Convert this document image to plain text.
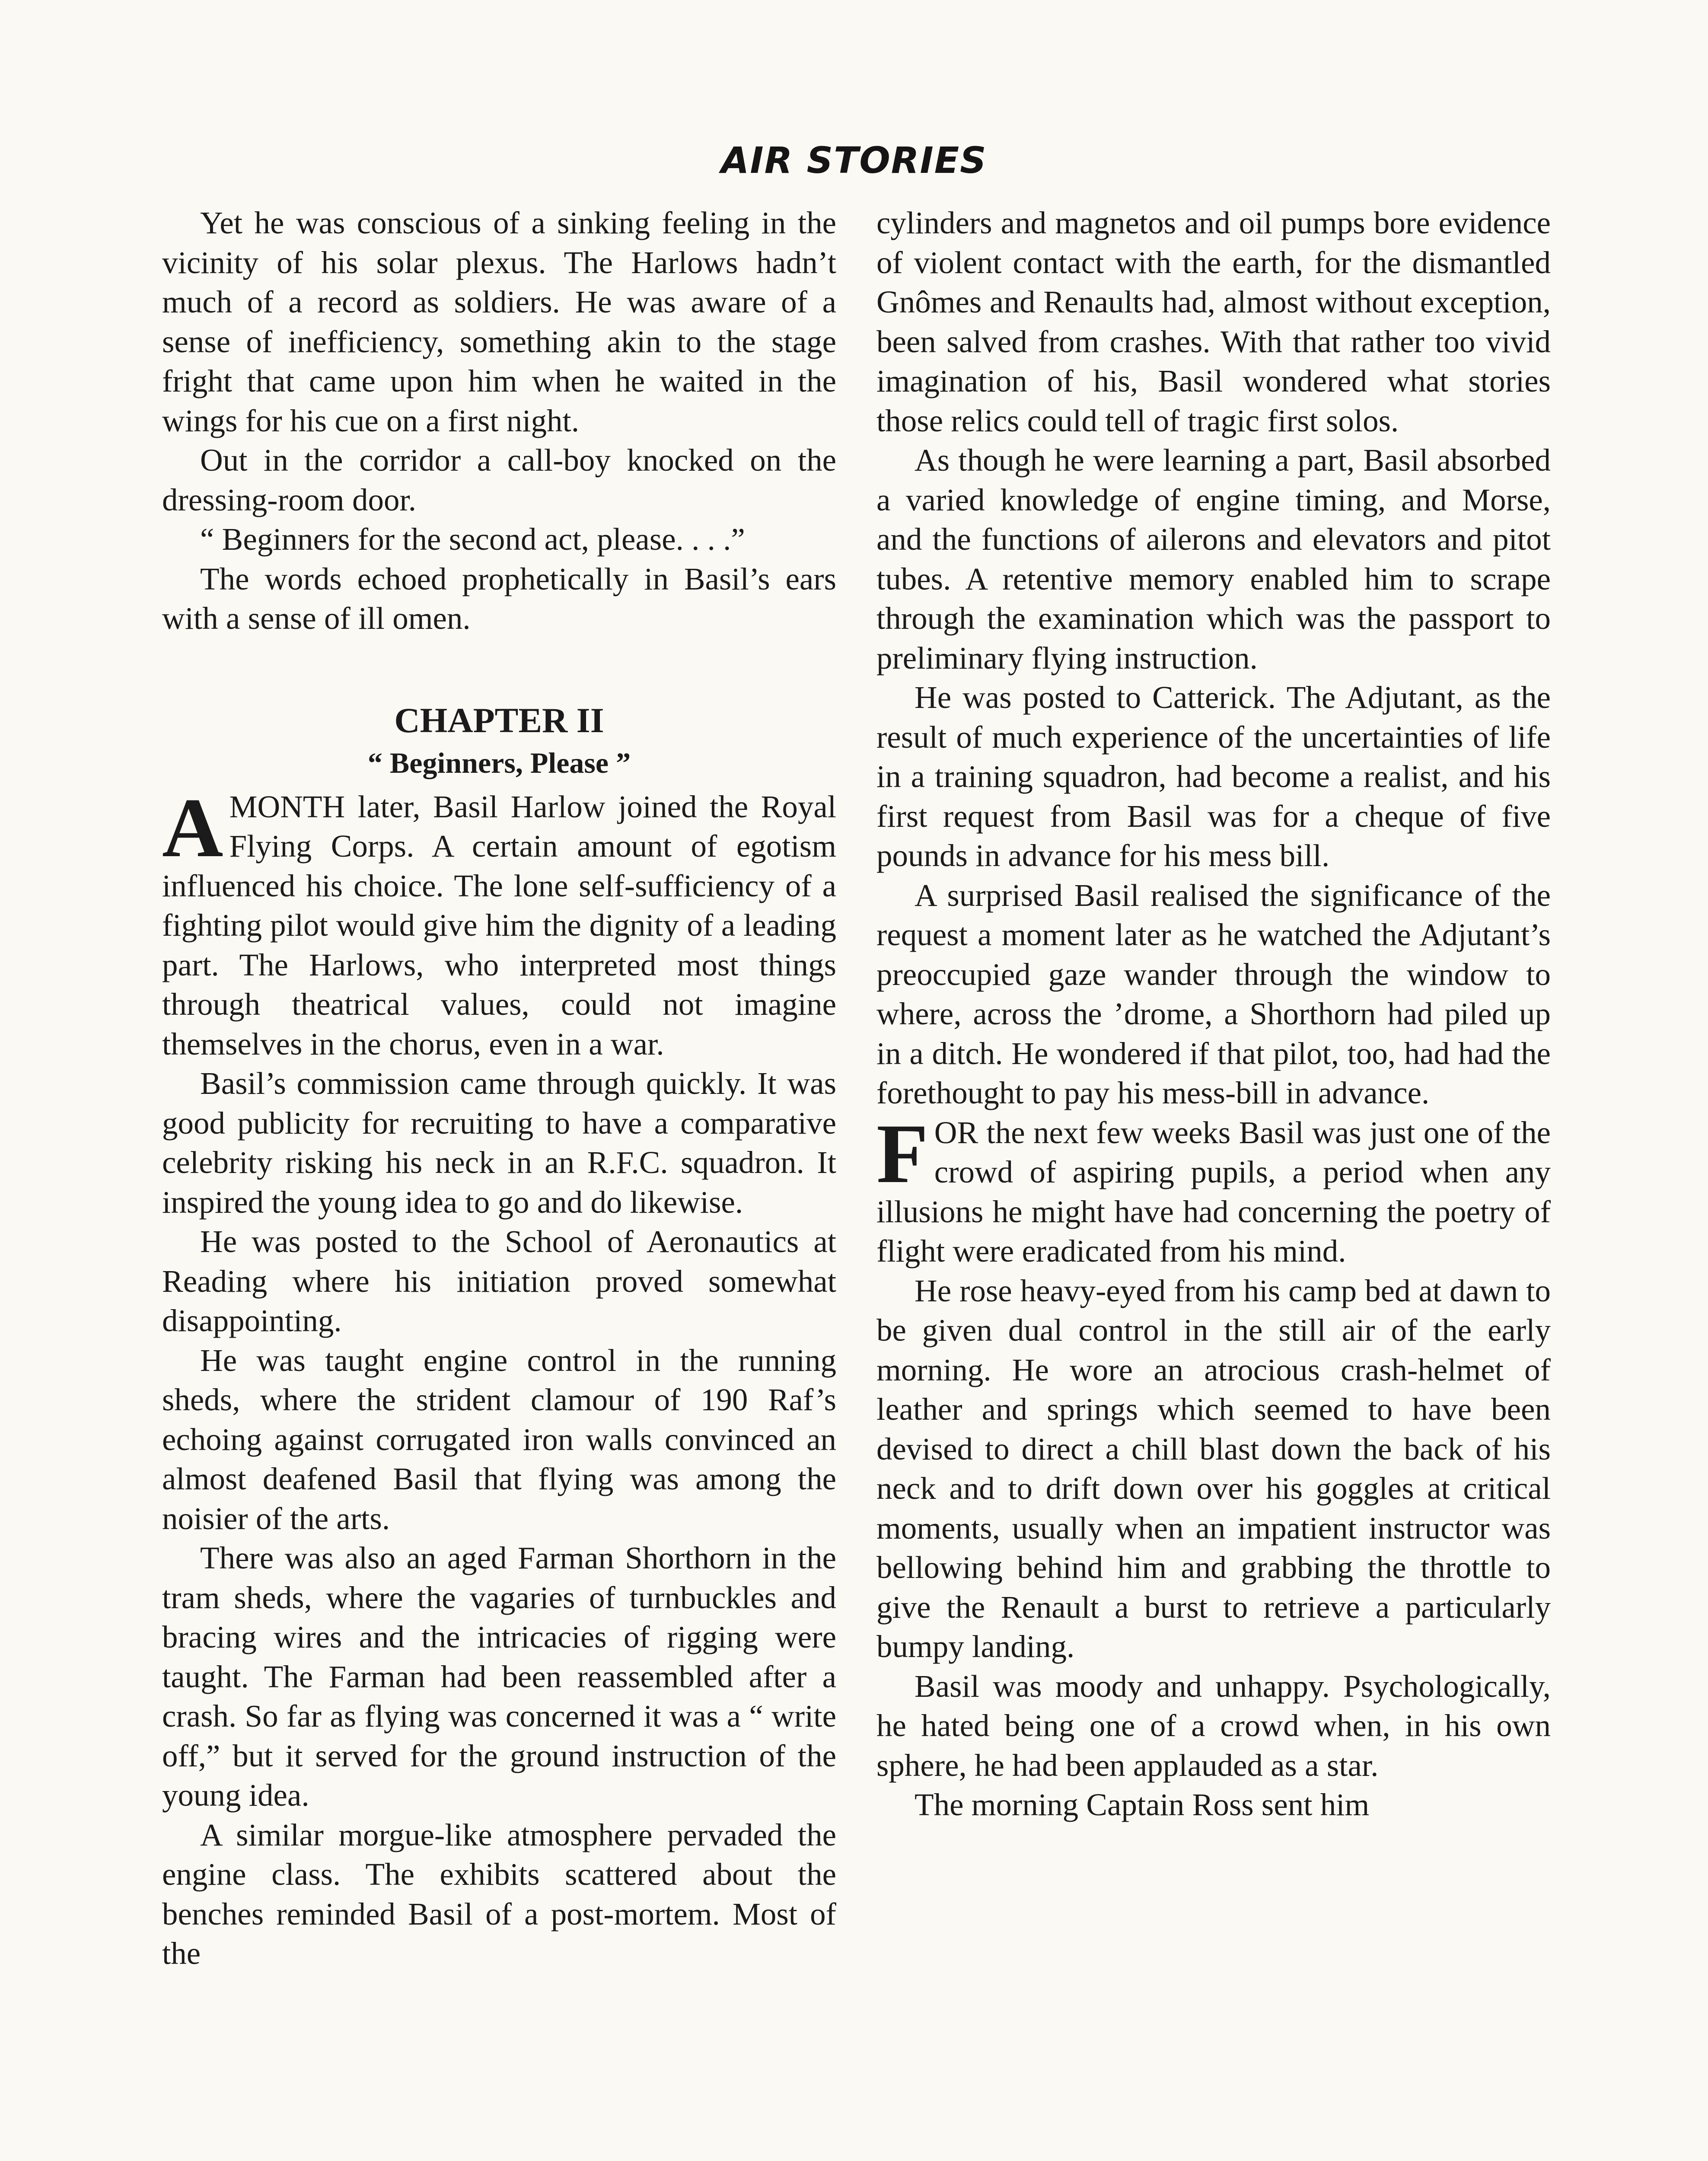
AIR STORIES

Yet he was conscious of a sinking feeling in the vicinity of his solar plexus. The Harlows hadn’t much of a record as soldiers. He was aware of a sense of inefficiency, something akin to the stage fright that came upon him when he waited in the wings for his cue on a first night.

Out in the corridor a call-boy knocked on the dressing-room door.

“ Beginners for the second act, please. . . .”

The words echoed prophetically in Basil’s ears with a sense of ill omen.

CHAPTER II
“ Beginners, Please ”

AMONTH later, Basil Harlow joined the Royal Flying Corps. A certain amount of egotism influenced his choice. The lone self-sufficiency of a fighting pilot would give him the dignity of a leading part. The Harlows, who interpreted most things through theatrical values, could not imagine themselves in the chorus, even in a war.

Basil’s commission came through quickly. It was good publicity for recruiting to have a comparative celebrity risking his neck in an R.F.C. squadron. It inspired the young idea to go and do likewise.

He was posted to the School of Aeronautics at Reading where his initiation proved somewhat disappointing.

He was taught engine control in the running sheds, where the strident clamour of 190 Raf’s echoing against corrugated iron walls convinced an almost deafened Basil that flying was among the noisier of the arts.

There was also an aged Farman Shorthorn in the tram sheds, where the vagaries of turnbuckles and bracing wires and the intricacies of rigging were taught. The Farman had been reassembled after a crash. So far as flying was concerned it was a “ write off,” but it served for the ground instruction of the young idea.

A similar morgue-like atmosphere pervaded the engine class. The exhibits scattered about the benches reminded Basil of a post-mortem. Most of the

cylinders and magnetos and oil pumps bore evidence of violent contact with the earth, for the dismantled Gnômes and Renaults had, almost without exception, been salved from crashes. With that rather too vivid imagination of his, Basil wondered what stories those relics could tell of tragic first solos.

As though he were learning a part, Basil absorbed a varied knowledge of engine timing, and Morse, and the functions of ailerons and elevators and pitot tubes. A retentive memory enabled him to scrape through the examination which was the passport to preliminary flying instruction.

He was posted to Catterick. The Adjutant, as the result of much experience of the uncertainties of life in a training squadron, had become a realist, and his first request from Basil was for a cheque of five pounds in advance for his mess bill.

A surprised Basil realised the significance of the request a moment later as he watched the Adjutant’s preoccupied gaze wander through the window to where, across the ’drome, a Shorthorn had piled up in a ditch. He wondered if that pilot, too, had had the forethought to pay his mess-bill in advance.

FOR the next few weeks Basil was just one of the crowd of aspiring pupils, a period when any illusions he might have had concerning the poetry of flight were eradicated from his mind.

He rose heavy-eyed from his camp bed at dawn to be given dual control in the still air of the early morning. He wore an atrocious crash-helmet of leather and springs which seemed to have been devised to direct a chill blast down the back of his neck and to drift down over his goggles at critical moments, usually when an impatient instructor was bellowing behind him and grabbing the throttle to give the Renault a burst to retrieve a particularly bumpy landing.

Basil was moody and unhappy. Psychologically, he hated being one of a crowd when, in his own sphere, he had been applauded as a star.

The morning Captain Ross sent him
